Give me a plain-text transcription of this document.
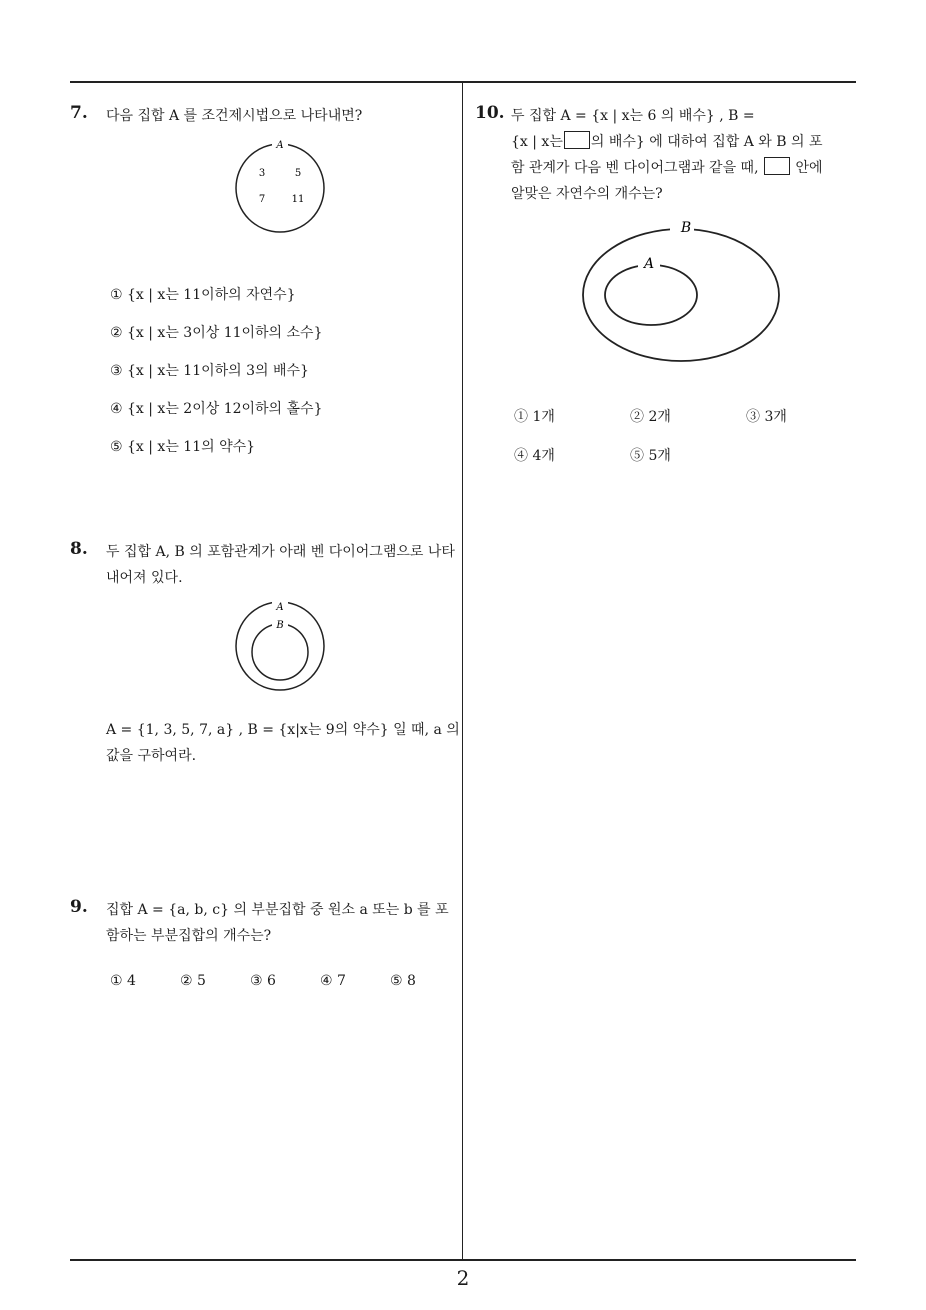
7. 다음 집합 A 를 조건제시법으로 나타내면?
A
3	5
7	11
① {x | x는 11이하의 자연수}
② {x | x는 3이상 11이하의 소수}
③ {x | x는 11이하의 3의 배수}
④ {x | x는 2이상 12이하의 홀수}
⑤ {x | x는 11의 약수}
8. 두 집합 A, B 의 포함관계가 아래 벤 다이어그램으로 나타내어져 있다.
A
B
A = {1, 3, 5, 7, a} , B = {x|x는 9의 약수} 일 때, a 의 값을 구하여라.
9. 집합 A = {a, b, c} 의 부분집합 중 원소 a 또는 b 를 포함하는 부분집합의 개수는?
① 4	② 5	③ 6	④ 7	⑤ 8
10. 두 집합 A = {x | x는 6 의 배수} , B =
{x | x는 의 배수} 에 대하여 집합 A 와 B 의 포
함 관계가 다음 벤 다이어그램과 같을 때,	안에
알맞은 자연수의 개수는?
B
A
① 1개	② 2개	③ 3개
④ 4개	⑤ 5개
2
